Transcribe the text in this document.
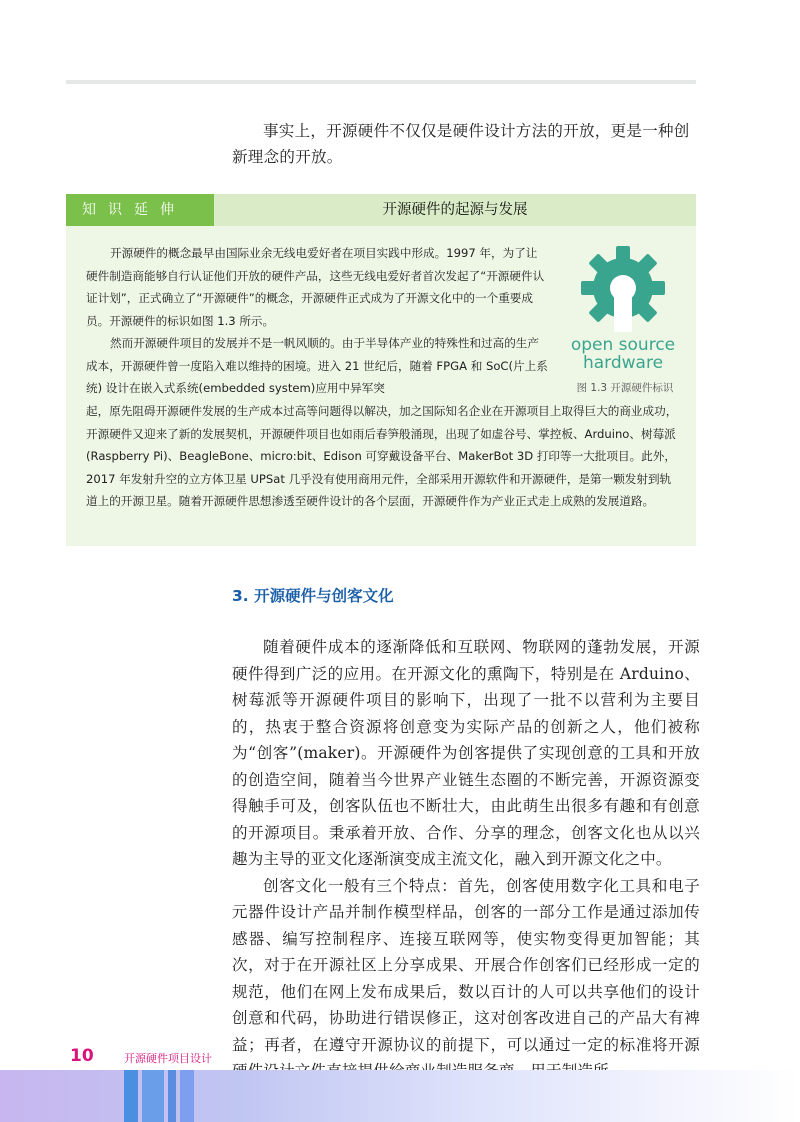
事实上，开源硬件不仅仅是硬件设计方法的开放，更是一种创新理念的开放。

知识延伸	开源硬件的起源与发展

开源硬件的概念最早由国际业余无线电爱好者在项目实践中形成。1997 年，为了让硬件制造商能够自行认证他们开放的硬件产品，这些无线电爱好者首次发起了“开源硬件认证计划”，正式确立了“开源硬件”的概念，开源硬件正式成为了开源文化中的一个重要成员。开源硬件的标识如图 1.3 所示。

然而开源硬件项目的发展并不是一帆风顺的。由于半导体产业的特殊性和过高的生产成本，开源硬件曾一度陷入难以维持的困境。进入 21 世纪后，随着 FPGA 和 SoC(片上系统) 设计在嵌入式系统(embedded system)应用中异军突

起，原先阻碍开源硬件发展的生产成本过高等问题得以解决，加之国际知名企业在开源项目上取得巨大的商业成功，开源硬件又迎来了新的发展契机，开源硬件项目也如雨后春笋般涌现，出现了如虚谷号、掌控板、Arduino、树莓派(Raspberry Pi)、BeagleBone、micro:bit、Edison 可穿戴设备平台、MakerBot 3D 打印等一大批项目。此外，2017 年发射升空的立方体卫星 UPSat 几乎没有使用商用元件，全部采用开源软件和开源硬件，是第一颗发射到轨道上的开源卫星。随着开源硬件思想渗透至硬件设计的各个层面，开源硬件作为产业正式走上成熟的发展道路。

open source
hardware
图 1.3 开源硬件标识
3. 开源硬件与创客文化

随着硬件成本的逐渐降低和互联网、物联网的蓬勃发展，开源硬件得到广泛的应用。在开源文化的熏陶下，特别是在 Arduino、树莓派等开源硬件项目的影响下，出现了一批不以营利为主要目的，热衷于整合资源将创意变为实际产品的创新之人，他们被称为“创客”(maker)。开源硬件为创客提供了实现创意的工具和开放的创造空间，随着当今世界产业链生态圈的不断完善，开源资源变得触手可及，创客队伍也不断壮大，由此萌生出很多有趣和有创意的开源项目。秉承着开放、合作、分享的理念，创客文化也从以兴趣为主导的亚文化逐渐演变成主流文化，融入到开源文化之中。

创客文化一般有三个特点：首先，创客使用数字化工具和电子元器件设计产品并制作模型样品，创客的一部分工作是通过添加传感器、编写控制程序、连接互联网等，使实物变得更加智能；其次，对于在开源社区上分享成果、开展合作创客们已经形成一定的规范，他们在网上发布成果后，数以百计的人可以共享他们的设计创意和代码，协助进行错误修正，这对创客改进自己的产品大有裨益；再者，在遵守开源协议的前提下，可以通过一定的标准将开源

10	开源硬件项目设计
